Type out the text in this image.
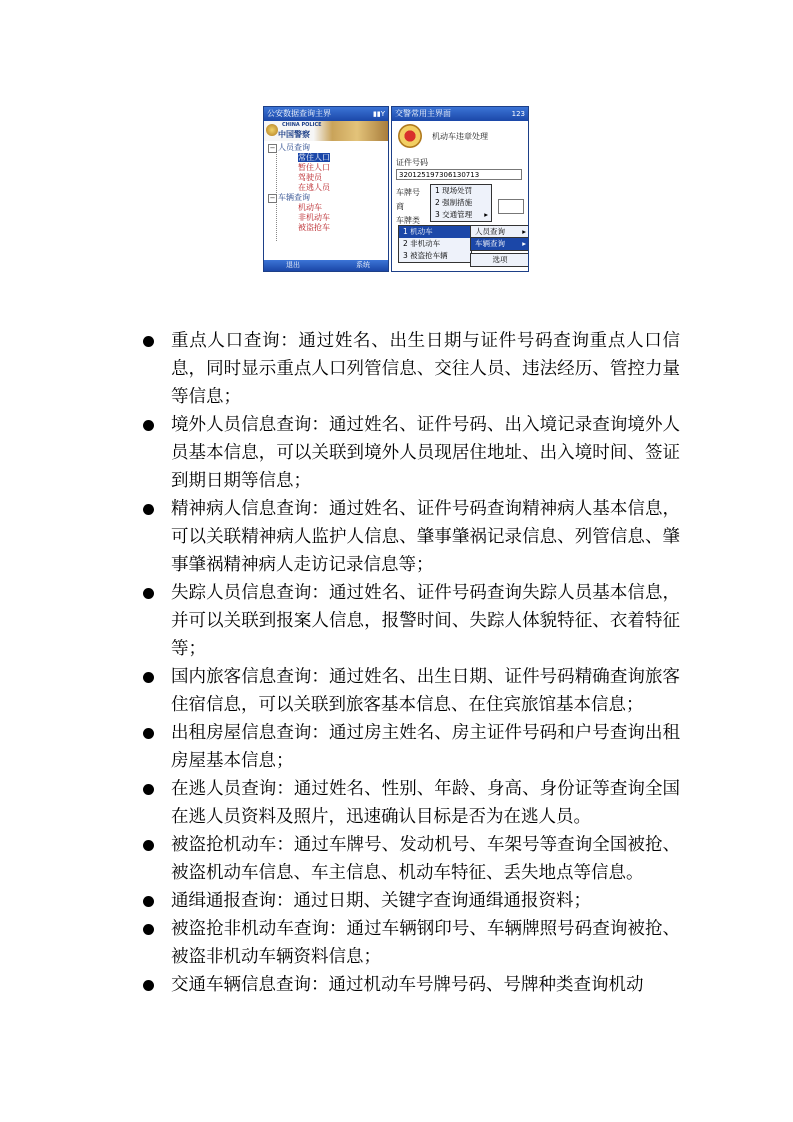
公安数据查询主界	▮▮Y
CHINA POLICE
中国警察
− 人员查询
常住人口
暂住人口
驾驶员
在逃人员
− 车辆查询
机动车
非机动车
被盗抢车
退出	系统
交警常用主界面	123
机动车违章处理
证件号码
320125197306130713
车牌号
商
车牌类
1 现场处罚
2 强制措施
3 交通管理 ▸
1 机动车
2 非机动车
3 被盗抢车辆
人员查询 ▸
车辆查询 ▸
选项
重点人口查询：通过姓名、出生日期与证件号码查询重点人口信息，同时显示重点人口列管信息、交往人员、违法经历、管控力量等信息；
境外人员信息查询：通过姓名、证件号码、出入境记录查询境外人员基本信息，可以关联到境外人员现居住地址、出入境时间、签证到期日期等信息；
精神病人信息查询：通过姓名、证件号码查询精神病人基本信息，可以关联精神病人监护人信息、肇事肇祸记录信息、列管信息、肇事肇祸精神病人走访记录信息等；
失踪人员信息查询：通过姓名、证件号码查询失踪人员基本信息，并可以关联到报案人信息，报警时间、失踪人体貌特征、衣着特征等；
国内旅客信息查询：通过姓名、出生日期、证件号码精确查询旅客住宿信息，可以关联到旅客基本信息、在住宾旅馆基本信息；
出租房屋信息查询：通过房主姓名、房主证件号码和户号查询出租房屋基本信息；
在逃人员查询：通过姓名、性别、年龄、身高、身份证等查询全国在逃人员资料及照片，迅速确认目标是否为在逃人员。
被盗抢机动车：通过车牌号、发动机号、车架号等查询全国被抢、被盗机动车信息、车主信息、机动车特征、丢失地点等信息。
通缉通报查询：通过日期、关键字查询通缉通报资料；
被盗抢非机动车查询：通过车辆钢印号、车辆牌照号码查询被抢、被盗非机动车辆资料信息；
交通车辆信息查询：通过机动车号牌号码、号牌种类查询机动
